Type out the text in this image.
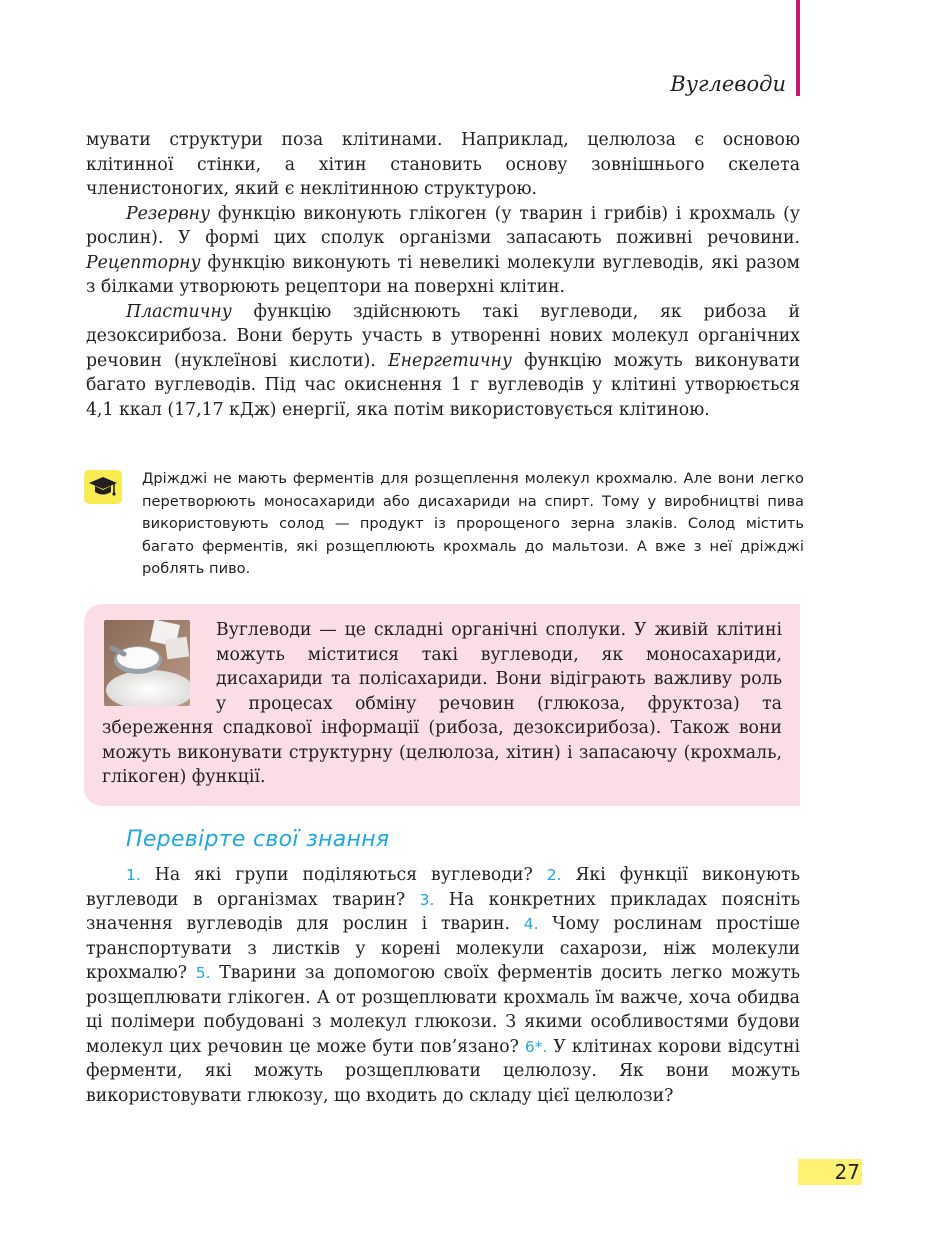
Вуглеводи

мувати структури поза клітинами. Наприклад, целюлоза є основою клітинної стінки, а хітин становить основу зовнішнього скелета членистоногих, який є неклітинною структурою.

Резервну функцію виконують глікоген (у тварин і грибів) і крохмаль (у рослин). У формі цих сполук організми запасають поживні речовини. Рецепторну функцію виконують ті невеликі молекули вуглеводів, які разом з білками утворюють рецептори на поверхні клітин.

Пластичну функцію здійснюють такі вуглеводи, як рибоза й дезоксирибоза. Вони беруть участь в утворенні нових молекул органічних речовин (нуклеїнові кислоти). Енергетичну функцію можуть виконувати багато вуглеводів. Під час окиснення 1 г вуглеводів у клітині утворюється 4,1 ккал (17,17 кДж) енергії, яка потім використовується клітиною.

Дріжджі не мають ферментів для розщеплення молекул крохмалю. Але вони легко перетворюють моносахариди або дисахариди на спирт. Тому у виробництві пива використовують солод — продукт із пророщеного зерна злаків. Солод містить багато ферментів, які розщеплюють крохмаль до мальтози. А вже з неї дріжджі роблять пиво.

Вуглеводи — це складні органічні сполуки. У живій клітині можуть міститися такі вуглеводи, як моносахариди, дисахариди та полісахариди. Вони відіграють важливу роль у процесах обміну речовин (глюкоза, фруктоза) та збереження спадкової інформації (рибоза, дезоксирибоза). Також вони можуть виконувати структурну (целюлоза, хітин) і запасаючу (крохмаль, глікоген) функції.

Перевірте свої знання

1. На які групи поділяються вуглеводи? 2. Які функції виконують вуглеводи в організмах тварин? 3. На конкретних прикладах поясніть значення вуглеводів для рослин і тварин. 4. Чому рослинам простіше транспортувати з листків у корені молекули сахарози, ніж молекули крохмалю? 5. Тварини за допомогою своїх ферментів досить легко можуть розщеплювати глікоген. А от розщеплювати крохмаль їм важче, хоча обидва ці полімери побудовані з молекул глюкози. З якими особливостями будови молекул цих речовин це може бути пов’язано? 6*. У клітинах корови відсутні ферменти, які можуть розщеплювати целюлозу. Як вони можуть використовувати глюкозу, що входить до складу цієї целюлози?

27
